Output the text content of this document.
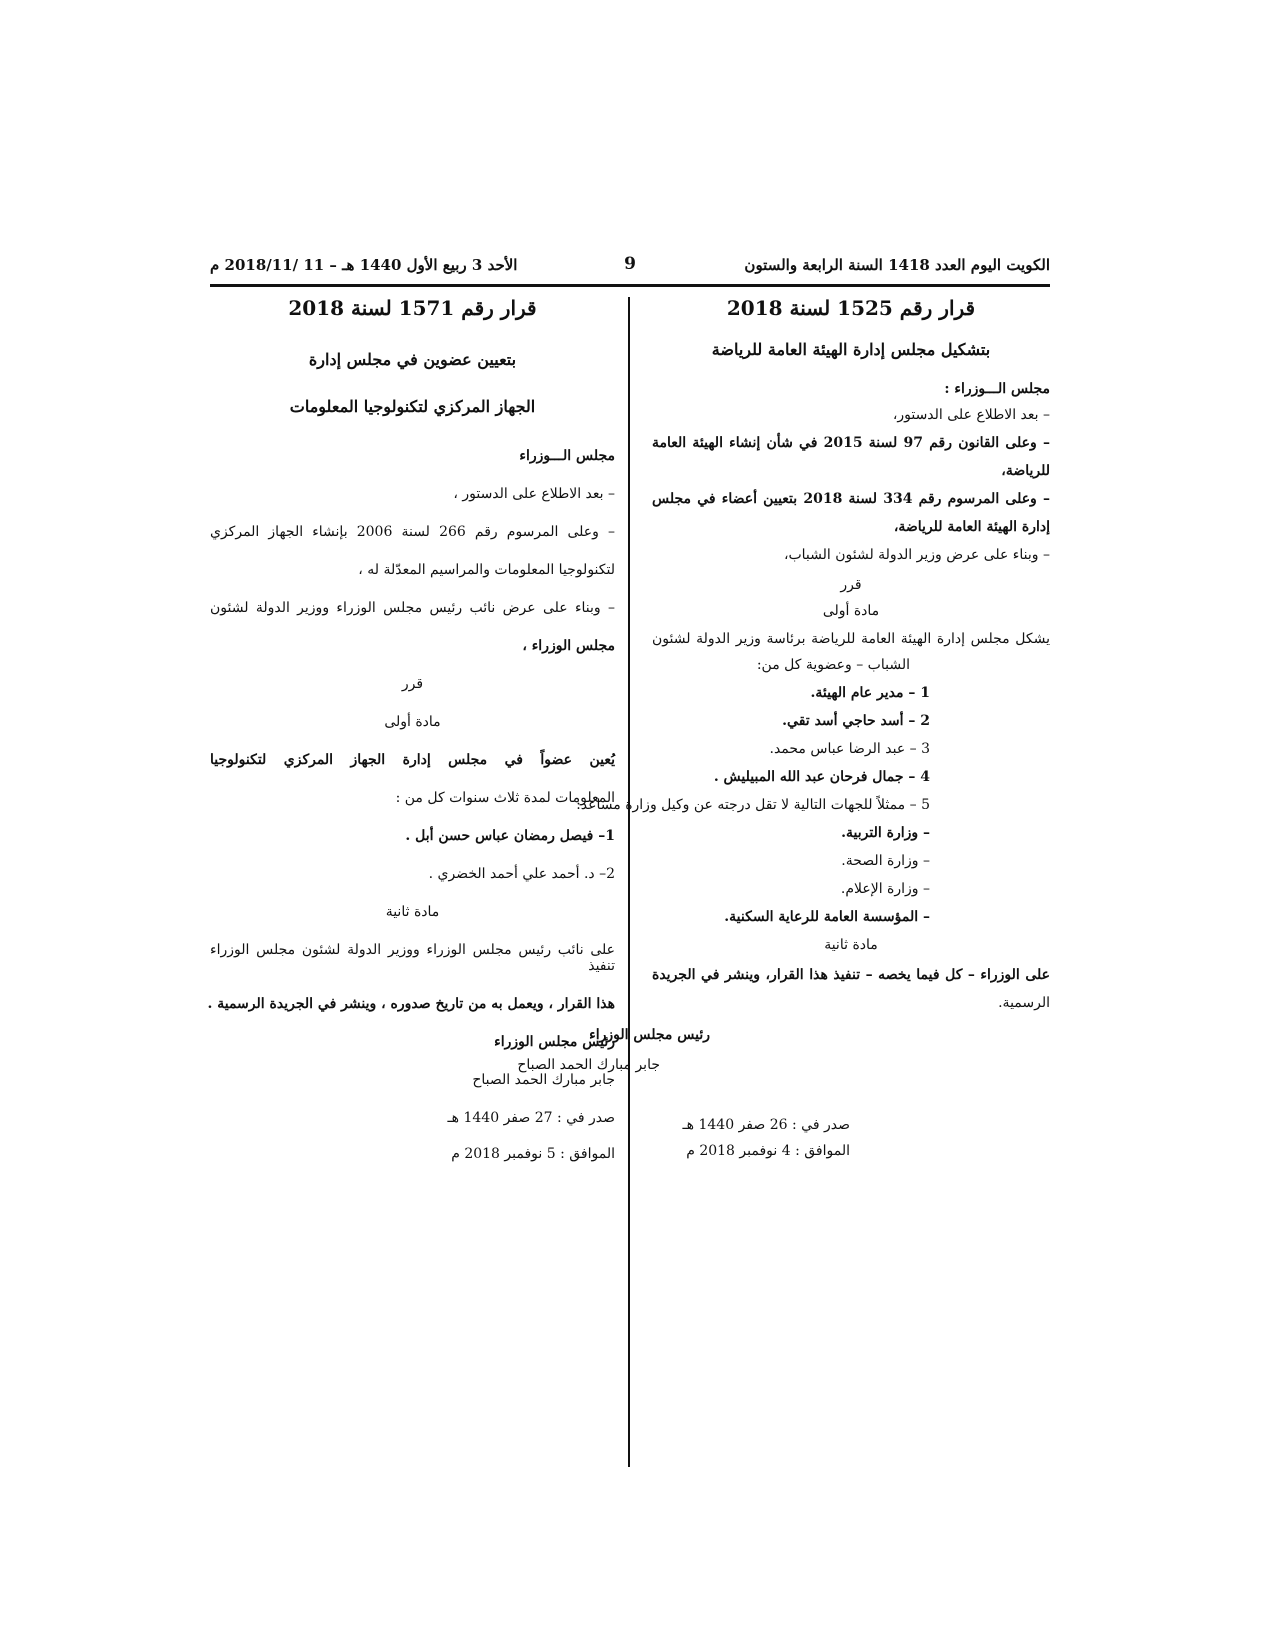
الكويت اليوم العدد 1418 السنة الرابعة والستون
9
الأحد 3 ربيع الأول 1440 هـ – 11 /2018/11 م

قرار رقم 1525 لسنة 2018

بتشكيل مجلس إدارة الهيئة العامة للرياضة

مجلس الـــوزراء :

– بعد الاطلاع على الدستور،

– وعلى القانون رقم 97 لسنة 2015 في شأن إنشاء الهيئة العامة

للرياضة،

– وعلى المرسوم رقم 334 لسنة 2018 بتعيين أعضاء في مجلس

إدارة الهيئة العامة للرياضة،

– وبناء على عرض وزير الدولة لشئون الشباب،

قرر

مادة أولى

يشكل مجلس إدارة الهيئة العامة للرياضة برئاسة وزير الدولة لشئون

الشباب – وعضوية كل من:

1 – مدير عام الهيئة.

2 – أسد حاجي أسد تقي.

3 – عبد الرضا عباس محمد.

4 – جمال فرحان عبد الله المبيليش .

5 – ممثلاً للجهات التالية لا تقل درجته عن وكيل وزارة مساعد:

– وزارة التربية.

– وزارة الصحة.

– وزارة الإعلام.

– المؤسسة العامة للرعاية السكنية.

مادة ثانية

على الوزراء – كل فيما يخصه – تنفيذ هذا القرار، وينشر في الجريدة

الرسمية.

رئيس مجلس الوزراء

جابر مبارك الحمد الصباح

صدر في : 26 صفر 1440 هـ

الموافق : 4 نوفمبر 2018 م

قرار رقم 1571 لسنة 2018

بتعيين عضوين في مجلس إدارة

الجهاز المركزي لتكنولوجيا المعلومات

مجلس الـــوزراء

– بعد الاطلاع على الدستور ،

– وعلى المرسوم رقم 266 لسنة 2006 بإنشاء الجهاز المركزي

لتكنولوجيا المعلومات والمراسيم المعدّلة له ،

– وبناء على عرض نائب رئيس مجلس الوزراء ووزير الدولة لشئون

مجلس الوزراء ،

قرر

مادة أولى

يُعين عضواً في مجلس إدارة الجهاز المركزي لتكنولوجيا

المعلومات لمدة ثلاث سنوات كل من :

1– فيصل رمضان عباس حسن أبل .

2– د. أحمد علي أحمد الخضري .

مادة ثانية

على نائب رئيس مجلس الوزراء ووزير الدولة لشئون مجلس الوزراء تنفيذ

هذا القرار ، ويعمل به من تاريخ صدوره ، وينشر في الجريدة الرسمية .

رئيس مجلس الوزراء

جابر مبارك الحمد الصباح

صدر في : 27 صفر 1440 هـ

الموافق : 5 نوفمبر 2018 م
